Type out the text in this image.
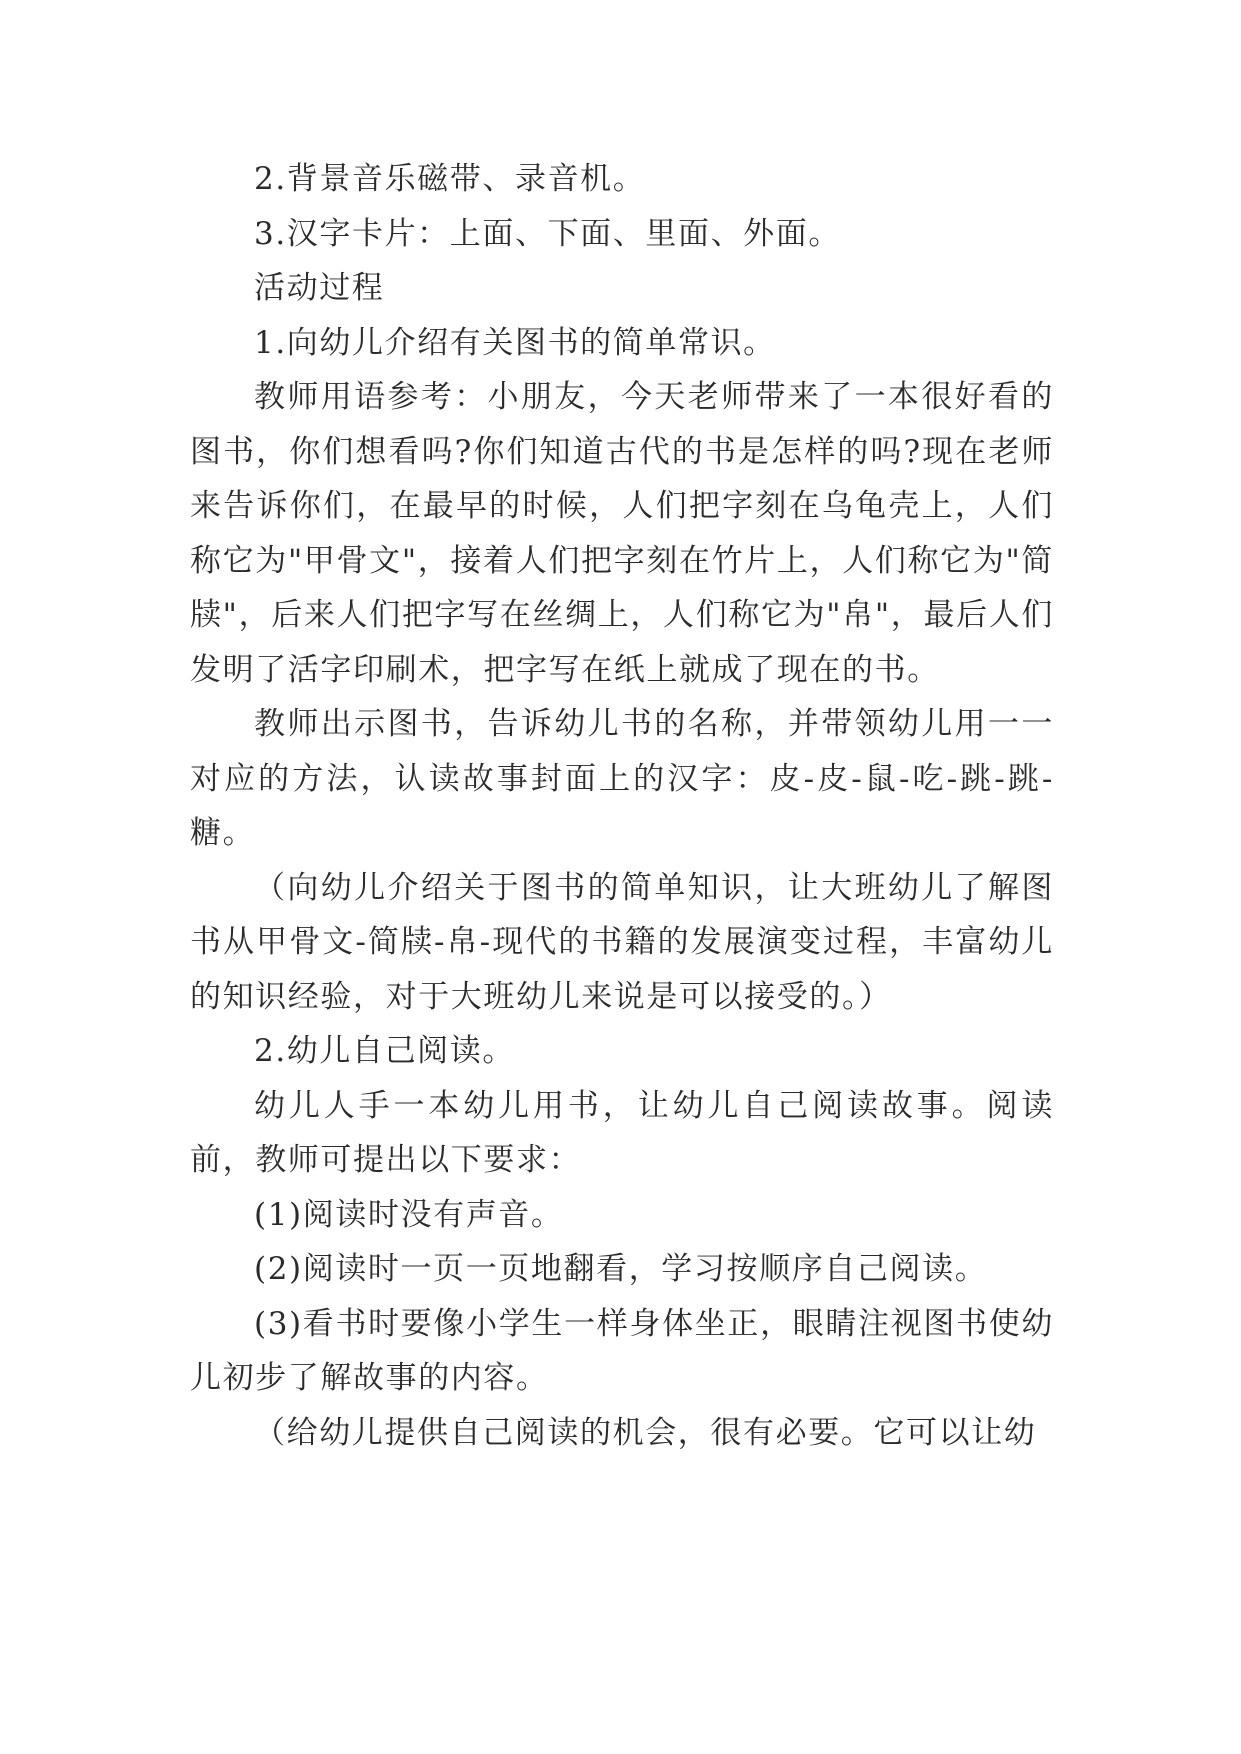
2.背景音乐磁带、录音机。

3.汉字卡片：上面、下面、里面、外面。

活动过程

1.向幼儿介绍有关图书的简单常识。

教师用语参考：小朋友，今天老师带来了一本很好看的图书，你们想看吗?你们知道古代的书是怎样的吗?现在老师来告诉你们，在最早的时候，人们把字刻在乌龟壳上，人们称它为"甲骨文"，接着人们把字刻在竹片上，人们称它为"简牍"，后来人们把字写在丝绸上，人们称它为"帛"，最后人们发明了活字印刷术，把字写在纸上就成了现在的书。

教师出示图书，告诉幼儿书的名称，并带领幼儿用一一对应的方法，认读故事封面上的汉字：皮-皮-鼠-吃-跳-跳-糖。

（向幼儿介绍关于图书的简单知识，让大班幼儿了解图书从甲骨文-简牍-帛-现代的书籍的发展演变过程，丰富幼儿的知识经验，对于大班幼儿来说是可以接受的。）

2.幼儿自己阅读。

幼儿人手一本幼儿用书，让幼儿自己阅读故事。阅读前，教师可提出以下要求：

(1)阅读时没有声音。

(2)阅读时一页一页地翻看，学习按顺序自己阅读。

(3)看书时要像小学生一样身体坐正，眼睛注视图书使幼儿初步了解故事的内容。

（给幼儿提供自己阅读的机会，很有必要。它可以让幼
